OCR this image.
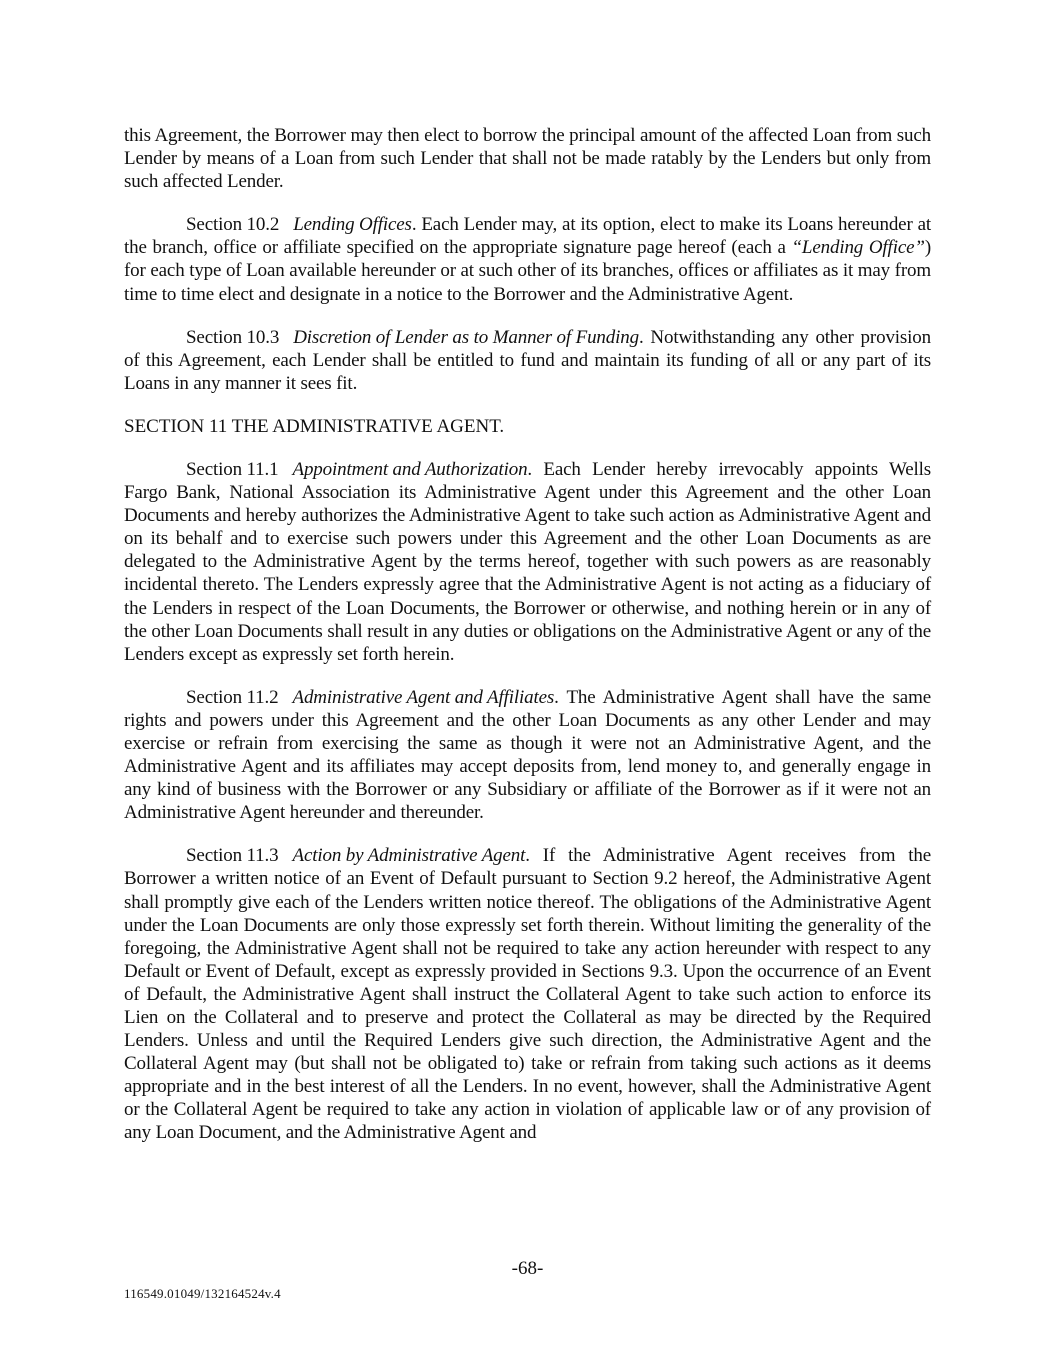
this Agreement, the Borrower may then elect to borrow the principal amount of the affected Loan from such Lender by means of a Loan from such Lender that shall not be made ratably by the Lenders but only from such affected Lender.

Section 10.2 Lending Offices. Each Lender may, at its option, elect to make its Loans hereunder at the branch, office or affiliate specified on the appropriate signature page hereof (each a “Lending Office”) for each type of Loan available hereunder or at such other of its branches, offices or affiliates as it may from time to time elect and designate in a notice to the Borrower and the Administrative Agent.

Section 10.3 Discretion of Lender as to Manner of Funding. Notwithstanding any other provision of this Agreement, each Lender shall be entitled to fund and maintain its funding of all or any part of its Loans in any manner it sees fit.

SECTION 11 THE ADMINISTRATIVE AGENT.

Section 11.1 Appointment and Authorization. Each Lender hereby irrevocably appoints Wells Fargo Bank, National Association its Administrative Agent under this Agreement and the other Loan Documents and hereby authorizes the Administrative Agent to take such action as Administrative Agent and on its behalf and to exercise such powers under this Agreement and the other Loan Documents as are delegated to the Administrative Agent by the terms hereof, together with such powers as are reasonably incidental thereto. The Lenders expressly agree that the Administrative Agent is not acting as a fiduciary of the Lenders in respect of the Loan Documents, the Borrower or otherwise, and nothing herein or in any of the other Loan Documents shall result in any duties or obligations on the Administrative Agent or any of the Lenders except as expressly set forth herein.

Section 11.2 Administrative Agent and Affiliates. The Administrative Agent shall have the same rights and powers under this Agreement and the other Loan Documents as any other Lender and may exercise or refrain from exercising the same as though it were not an Administrative Agent, and the Administrative Agent and its affiliates may accept deposits from, lend money to, and generally engage in any kind of business with the Borrower or any Subsidiary or affiliate of the Borrower as if it were not an Administrative Agent hereunder and thereunder.

Section 11.3 Action by Administrative Agent. If the Administrative Agent receives from the Borrower a written notice of an Event of Default pursuant to Section 9.2 hereof, the Administrative Agent shall promptly give each of the Lenders written notice thereof. The obligations of the Administrative Agent under the Loan Documents are only those expressly set forth therein. Without limiting the generality of the foregoing, the Administrative Agent shall not be required to take any action hereunder with respect to any Default or Event of Default, except as expressly provided in Sections 9.3. Upon the occurrence of an Event of Default, the Administrative Agent shall instruct the Collateral Agent to take such action to enforce its Lien on the Collateral and to preserve and protect the Collateral as may be directed by the Required Lenders. Unless and until the Required Lenders give such direction, the Administrative Agent and the Collateral Agent may (but shall not be obligated to) take or refrain from taking such actions as it deems appropriate and in the best interest of all the Lenders. In no event, however, shall the Administrative Agent or the Collateral Agent be required to take any action in violation of applicable law or of any provision of any Loan Document, and the Administrative Agent and

-68-
116549.01049/132164524v.4
